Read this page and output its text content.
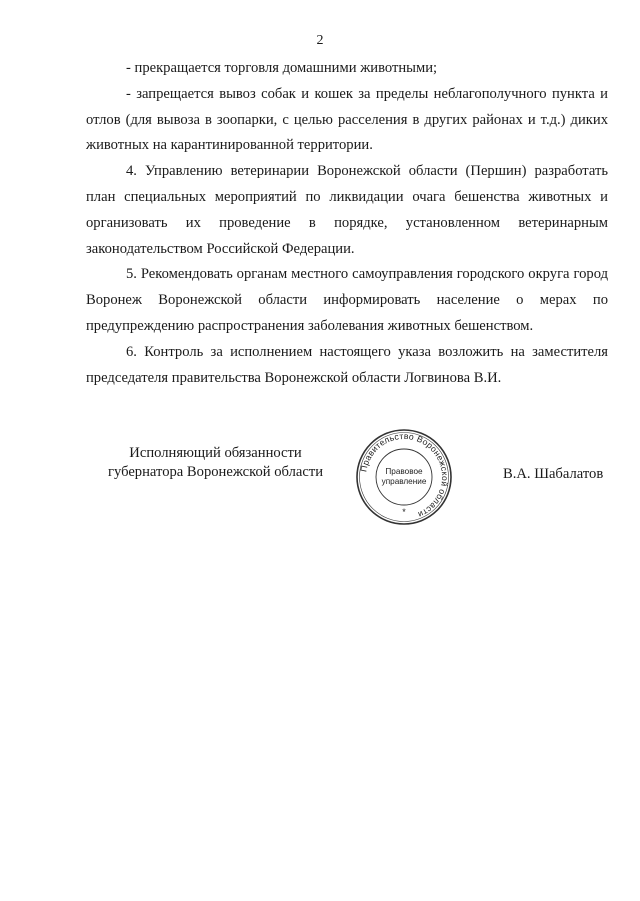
2

- прекращается торговля домашними животными;

- запрещается вывоз собак и кошек за пределы неблагополучного пункта и отлов (для вывоза в зоопарки, с целью расселения в других районах и т.д.) диких животных на карантинированной территории.

4. Управлению ветеринарии Воронежской области (Першин) разработать план специальных мероприятий по ликвидации очага бешенства животных и организовать их проведение в порядке, установленном ветеринарным законодательством Российской Федерации.

5. Рекомендовать органам местного самоуправления городского округа город Воронеж Воронежской области информировать население о мерах по предупреждению распространения заболевания животных бешенством.

6. Контроль за исполнением настоящего указа возложить на заместителя председателя правительства Воронежской области Логвинова В.И.

Исполняющий обязанности
губернатора Воронежской области	Правительство Воронежской области
Правовое
управление
*
В.А. Шабалатов
